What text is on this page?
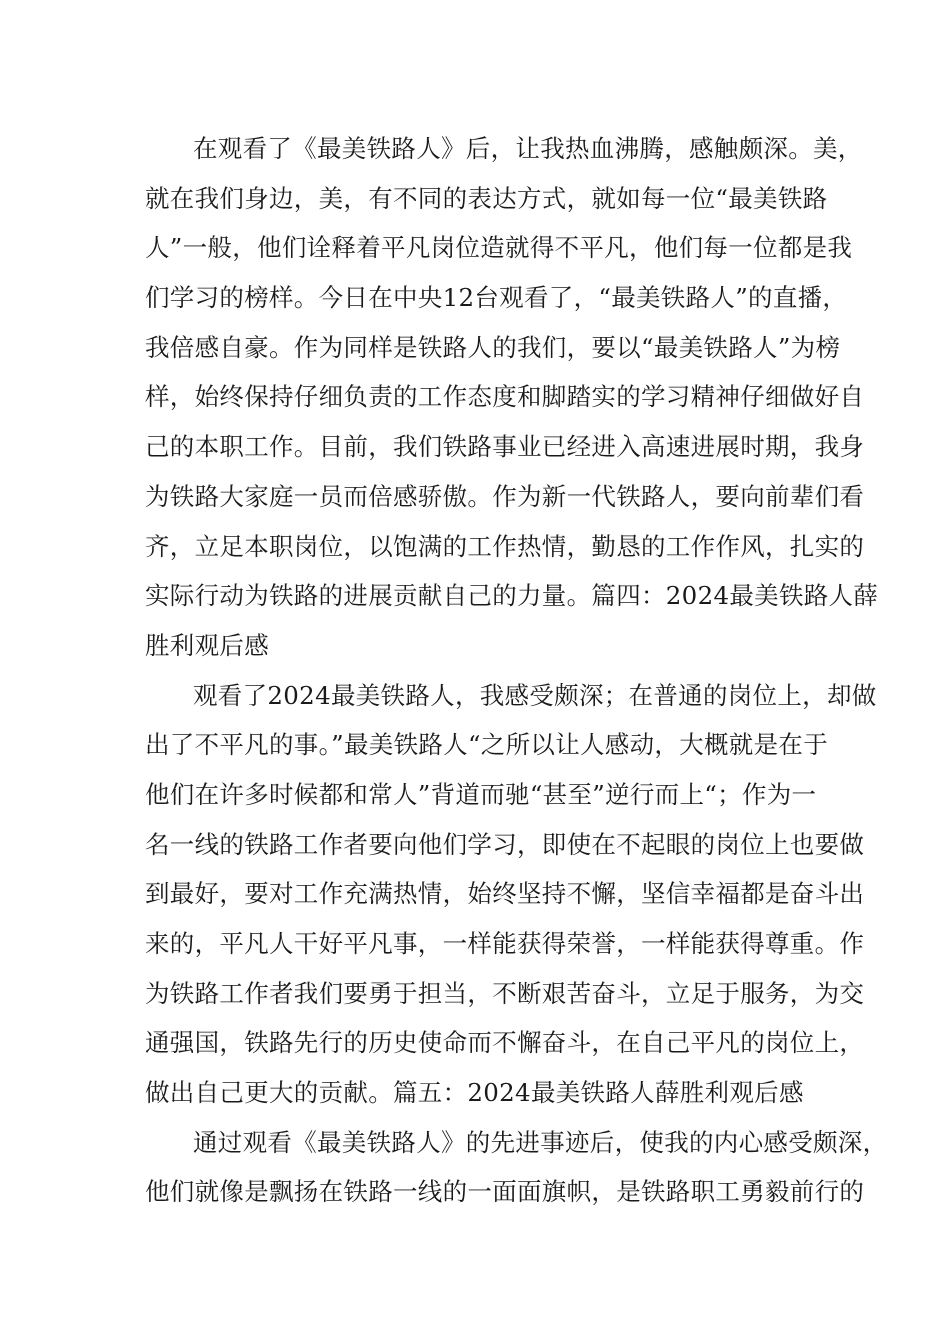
在观看了《最美铁路人》后，让我热血沸腾，感触颇深。美，
就在我们身边，美，有不同的表达方式，就如每一位“最美铁路
人”一般，他们诠释着平凡岗位造就得不平凡，他们每一位都是我
们学习的榜样。今日在中央12台观看了，“最美铁路人”的直播，
我倍感自豪。作为同样是铁路人的我们，要以“最美铁路人”为榜
样，始终保持仔细负责的工作态度和脚踏实的学习精神仔细做好自
己的本职工作。目前，我们铁路事业已经进入高速进展时期，我身
为铁路大家庭一员而倍感骄傲。作为新一代铁路人，要向前辈们看
齐，立足本职岗位，以饱满的工作热情，勤恳的工作作风，扎实的
实际行动为铁路的进展贡献自己的力量。篇四：2024最美铁路人薛
胜利观后感
观看了2024最美铁路人，我感受颇深；在普通的岗位上，却做
出了不平凡的事。”最美铁路人“之所以让人感动，大概就是在于
他们在许多时候都和常人”背道而驰“甚至”逆行而上“；作为一
名一线的铁路工作者要向他们学习，即使在不起眼的岗位上也要做
到最好，要对工作充满热情，始终坚持不懈，坚信幸福都是奋斗出
来的，平凡人干好平凡事，一样能获得荣誉，一样能获得尊重。作
为铁路工作者我们要勇于担当，不断艰苦奋斗，立足于服务，为交
通强国，铁路先行的历史使命而不懈奋斗，在自己平凡的岗位上，
做出自己更大的贡献。篇五：2024最美铁路人薛胜利观后感
通过观看《最美铁路人》的先进事迹后，使我的内心感受颇深，
他们就像是飘扬在铁路一线的一面面旗帜，是铁路职工勇毅前行的
